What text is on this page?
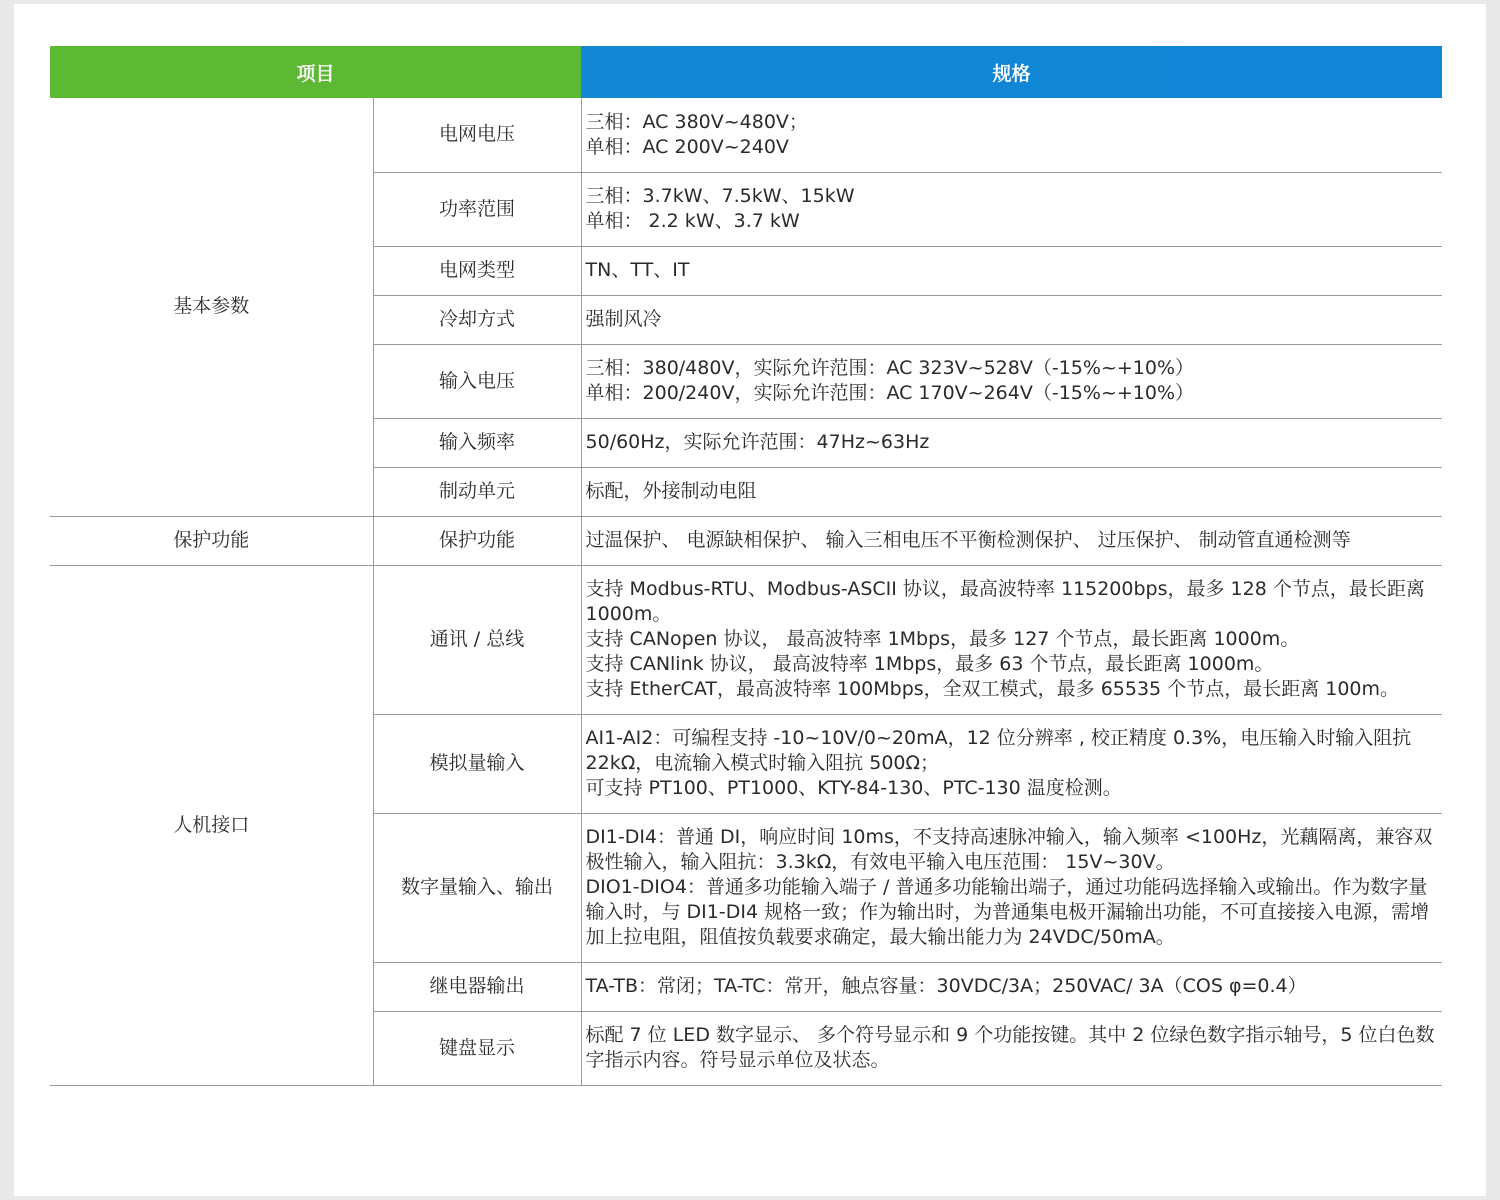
项目		规格
基本参数	电网电压	三相：AC 380V~480V；
单相：AC 200V~240V
	功率范围	三相：3.7kW、7.5kW、15kW
单相： 2.2 kW、3.7 kW
	电网类型	TN、TT、IT
	冷却方式	强制风冷
	输入电压	三相：380/480V，实际允许范围：AC 323V~528V（-15%~+10%）
单相：200/240V，实际允许范围：AC 170V~264V（-15%~+10%）
	输入频率	50/60Hz，实际允许范围：47Hz~63Hz
	制动单元	标配，外接制动电阻
保护功能	保护功能	过温保护、 电源缺相保护、 输入三相电压不平衡检测保护、 过压保护、 制动管直通检测等
人机接口	通讯 / 总线	支持 Modbus-RTU、Modbus-ASCII 协议，最高波特率 115200bps，最多 128 个节点，最长距离 1000m。
支持 CANopen 协议， 最高波特率 1Mbps，最多 127 个节点，最长距离 1000m。
支持 CANlink 协议， 最高波特率 1Mbps，最多 63 个节点，最长距离 1000m。
支持 EtherCAT，最高波特率 100Mbps，全双工模式，最多 65535 个节点，最长距离 100m。
	模拟量输入	AI1-AI2：可编程支持 -10~10V/0~20mA，12 位分辨率 , 校正精度 0.3%，电压输入时输入阻抗 22kΩ，电流输入模式时输入阻抗 500Ω；
可支持 PT100、PT1000、KTY-84-130、PTC-130 温度检测。
	数字量输入、输出	DI1-DI4：普通 DI，响应时间 10ms，不支持高速脉冲输入，输入频率 <100Hz，光藕隔离，兼容双极性输入，输入阻抗：3.3kΩ，有效电平输入电压范围： 15V~30V。
DIO1-DIO4：普通多功能输入端子 / 普通多功能输出端子，通过功能码选择输入或输出。作为数字量输入时，与 DI1-DI4 规格一致；作为输出时，为普通集电极开漏输出功能，不可直接接入电源，需增加上拉电阻，阻值按负载要求确定，最大输出能力为 24VDC/50mA。
	继电器输出	TA-TB：常闭；TA-TC：常开，触点容量：30VDC/3A；250VAC/ 3A（COS φ=0.4）
	键盘显示	标配 7 位 LED 数字显示、 多个符号显示和 9 个功能按键。其中 2 位绿色数字指示轴号，5 位白色数字指示内容。符号显示单位及状态。
